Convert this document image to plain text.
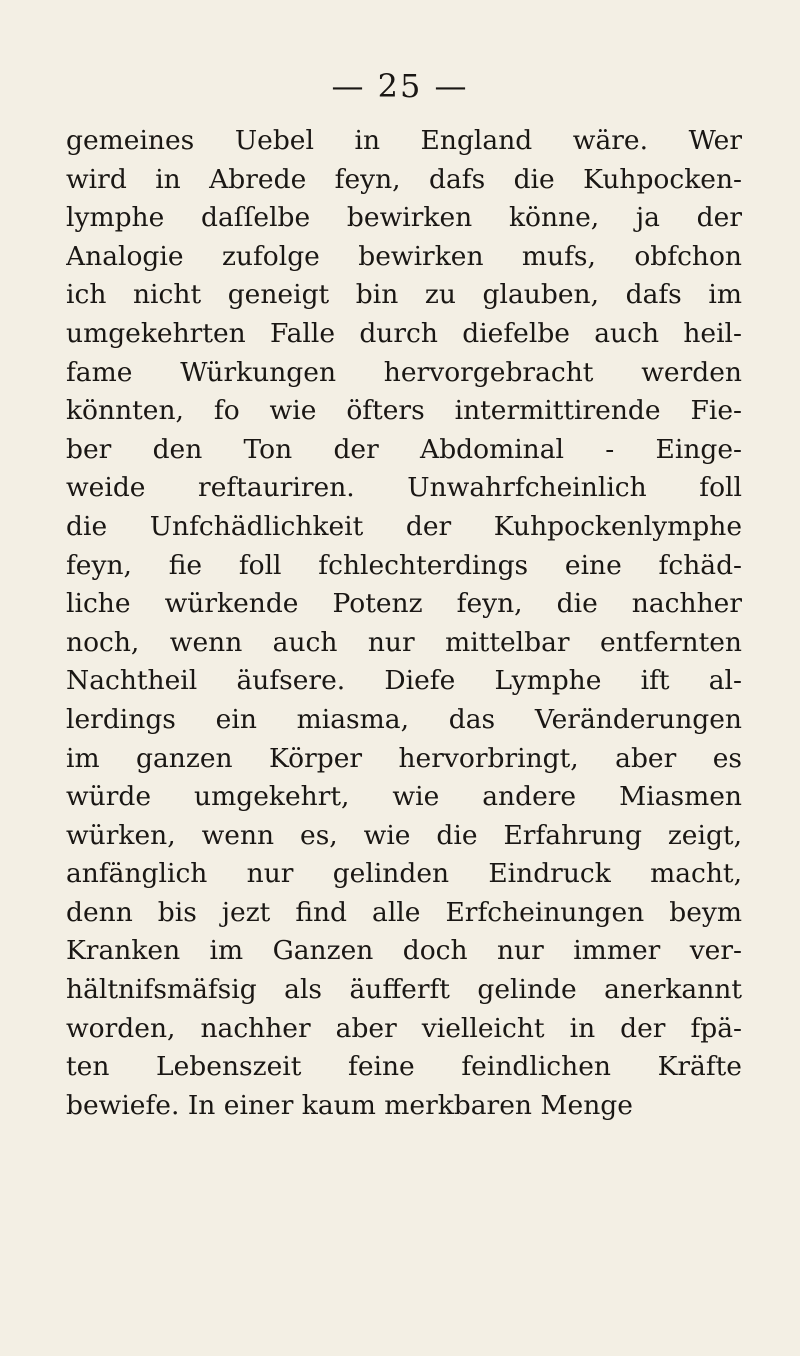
— 25 —
gemeines Uebel in England wäre. Wer
wird in Abrede feyn, dafs die Kuhpocken-
lymphe daſſelbe bewirken könne, ja der
Analogie zufolge bewirken mufs, obfchon
ich nicht geneigt bin zu glauben, dafs im
umgekehrten Falle durch diefelbe auch heil-
fame Würkungen hervorgebracht werden
könnten, fo wie öfters intermittirende Fie-
ber den Ton der Abdominal - Einge-
weide reftauriren. Unwahrfcheinlich foll
die Unfchädlichkeit der Kuhpockenlymphe
feyn, fie foll fchlechterdings eine fchäd-
liche würkende Potenz feyn, die nachher
noch, wenn auch nur mittelbar entfernten
Nachtheil äufsere. Diefe Lymphe ift al-
lerdings ein miasma, das Veränderungen
im ganzen Körper hervorbringt, aber es
würde umgekehrt, wie andere Miasmen
würken, wenn es, wie die Erfahrung zeigt,
anfänglich nur gelinden Eindruck macht,
denn bis jezt find alle Erfcheinungen beym
Kranken im Ganzen doch nur immer ver-
hältnifsmäfsig als äufferft gelinde anerkannt
worden, nachher aber vielleicht in der fpä-
ten Lebenszeit feine feindlichen Kräfte
bewiefe. In einer kaum merkbaren Menge
